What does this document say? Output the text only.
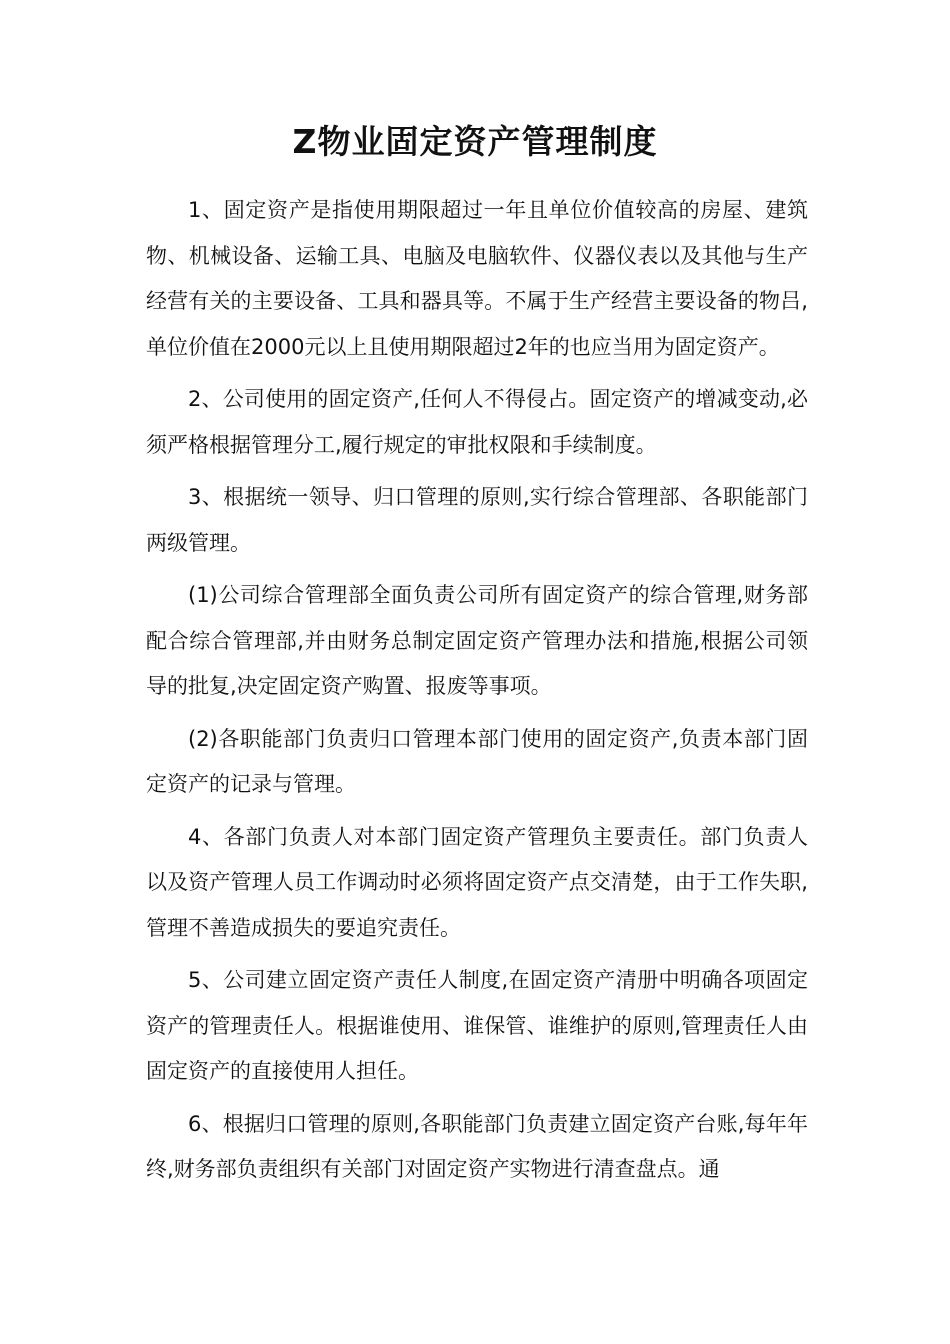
Z物业固定资产管理制度

1、固定资产是指使用期限超过一年且单位价值较高的房屋、建筑物、机械设备、运输工具、电脑及电脑软件、仪器仪表以及其他与生产经营有关的主要设备、工具和器具等。不属于生产经营主要设备的物吕,单位价值在2000元以上且使用期限超过2年的也应当用为固定资产。

2、公司使用的固定资产,任何人不得侵占。固定资产的增减变动,必须严格根据管理分工,履行规定的审批权限和手续制度。

3、根据统一领导、归口管理的原则,实行综合管理部、各职能部门两级管理。

(1)公司综合管理部全面负责公司所有固定资产的综合管理,财务部配合综合管理部,并由财务总制定固定资产管理办法和措施,根据公司领导的批复,决定固定资产购置、报废等事项。

(2)各职能部门负责归口管理本部门使用的固定资产,负责本部门固定资产的记录与管理。

4、各部门负责人对本部门固定资产管理负主要责任。部门负责人以及资产管理人员工作调动时必须将固定资产点交清楚，由于工作失职,管理不善造成损失的要追究责任。

5、公司建立固定资产责任人制度,在固定资产清册中明确各项固定资产的管理责任人。根据谁使用、谁保管、谁维护的原则,管理责任人由固定资产的直接使用人担任。

6、根据归口管理的原则,各职能部门负责建立固定资产台账,每年年终,财务部负责组织有关部门对固定资产实物进行清查盘点。通
